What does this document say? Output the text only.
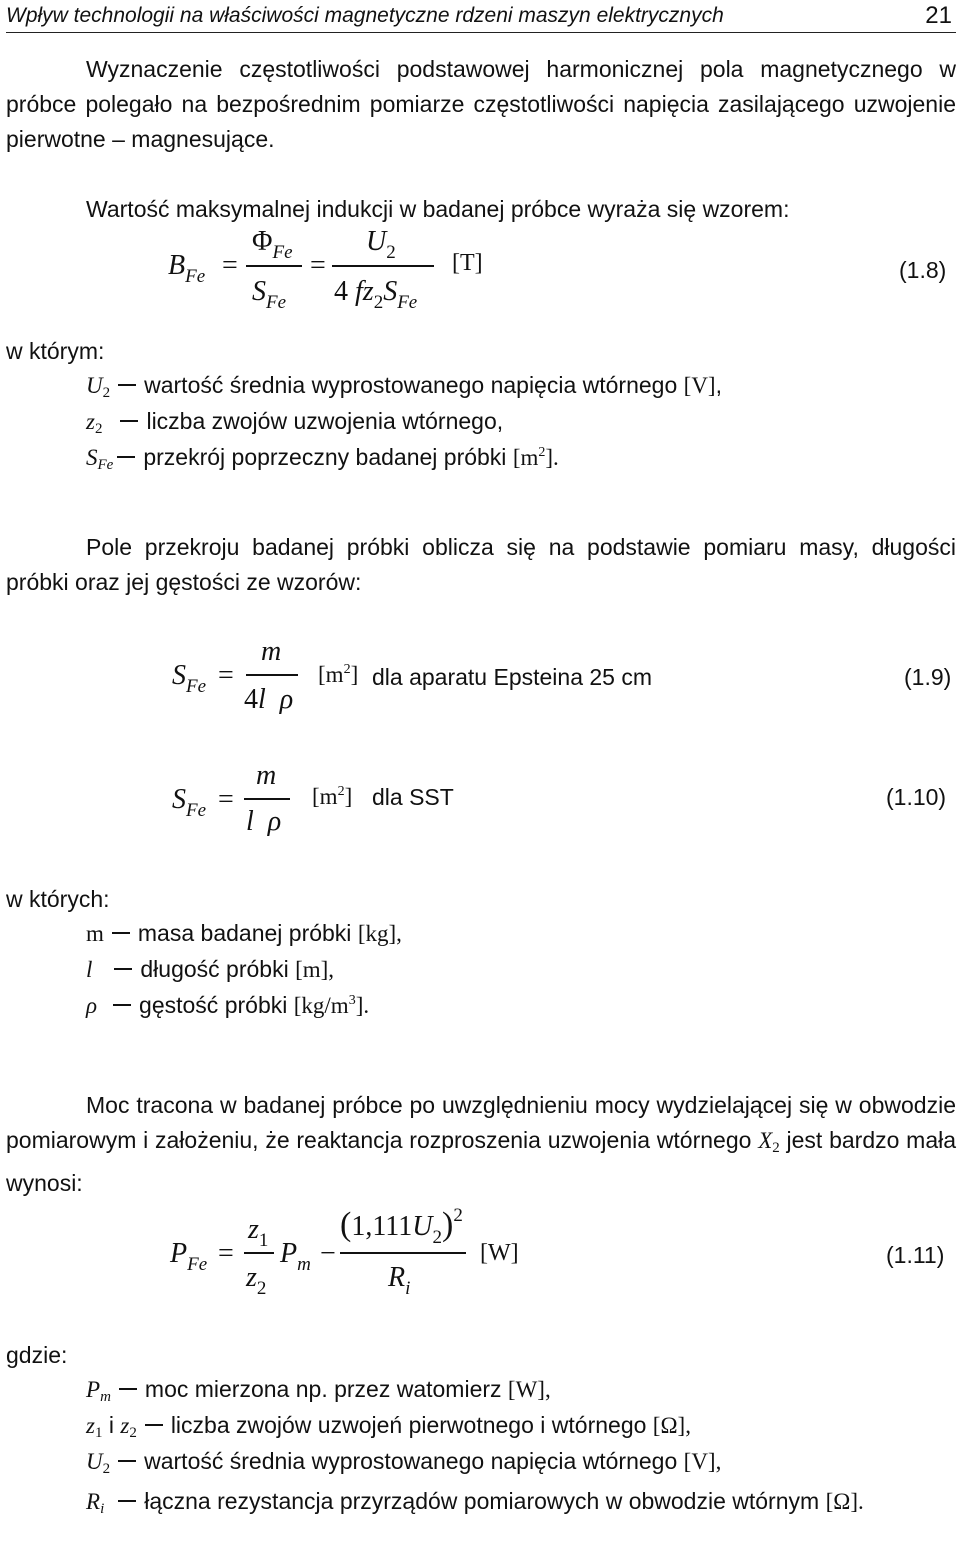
Wpływ technologii na właściwości magnetyczne rdzeni maszyn elektrycznych	21

Wyznaczenie częstotliwości podstawowej harmonicznej pola magnetycznego w próbce polegało na bezpośrednim pomiarze częstotliwości napięcia zasilającego uzwojenie pierwotne – magnesujące.

Wartość maksymalnej indukcji w badanej próbce wyraża się wzorem:

$B_{Fe}$ =
$\Phi_{Fe}$
$S_{Fe}$
=
$U_2$
4 $fz_2S_{Fe}$
[T]	(1.8)
w którym:
$U_2$ wartość średnia wyprostowanego napięcia wtórnego [V],
$z_2$ liczba zwojów uzwojenia wtórnego,
$S_{Fe}$ przekrój poprzeczny badanej próbki $[m^2]$.

Pole przekroju badanej próbki oblicza się na podstawie pomiaru masy, długości próbki oraz jej gęstości ze wzorów:

$S_{Fe}$ =
m
4l ρ
$[m^2]$ dla aparatu Epsteina 25 cm	(1.9)
$S_{Fe}$ =
m
l ρ
$[m^2]$ dla SST	(1.10)
w których:
m masa badanej próbki [kg],
l długość próbki [m],
ρ gęstość próbki $[kg/m^3]$.

Moc tracona w badanej próbce po uwzględnieniu mocy wydzielającej się w obwodzie pomiarowym i założeniu, że reaktancja rozproszenia uzwojenia wtórnego $X_2$ jest bardzo mała wynosi:

$P_{Fe}$ =
$z_1$
$z_2$
$P_m$ −
$(1,111U_2)^2$
$R_i$
[W]	(1.11)
gdzie:
$P_m$ moc mierzona np. przez watomierz [W],
$z_1$ i $z_2$ liczba zwojów uzwojeń pierwotnego i wtórnego [Ω],
$U_2$ wartość średnia wyprostowanego napięcia wtórnego [V],
$R_i$ łączna rezystancja przyrządów pomiarowych w obwodzie wtórnym [Ω].
